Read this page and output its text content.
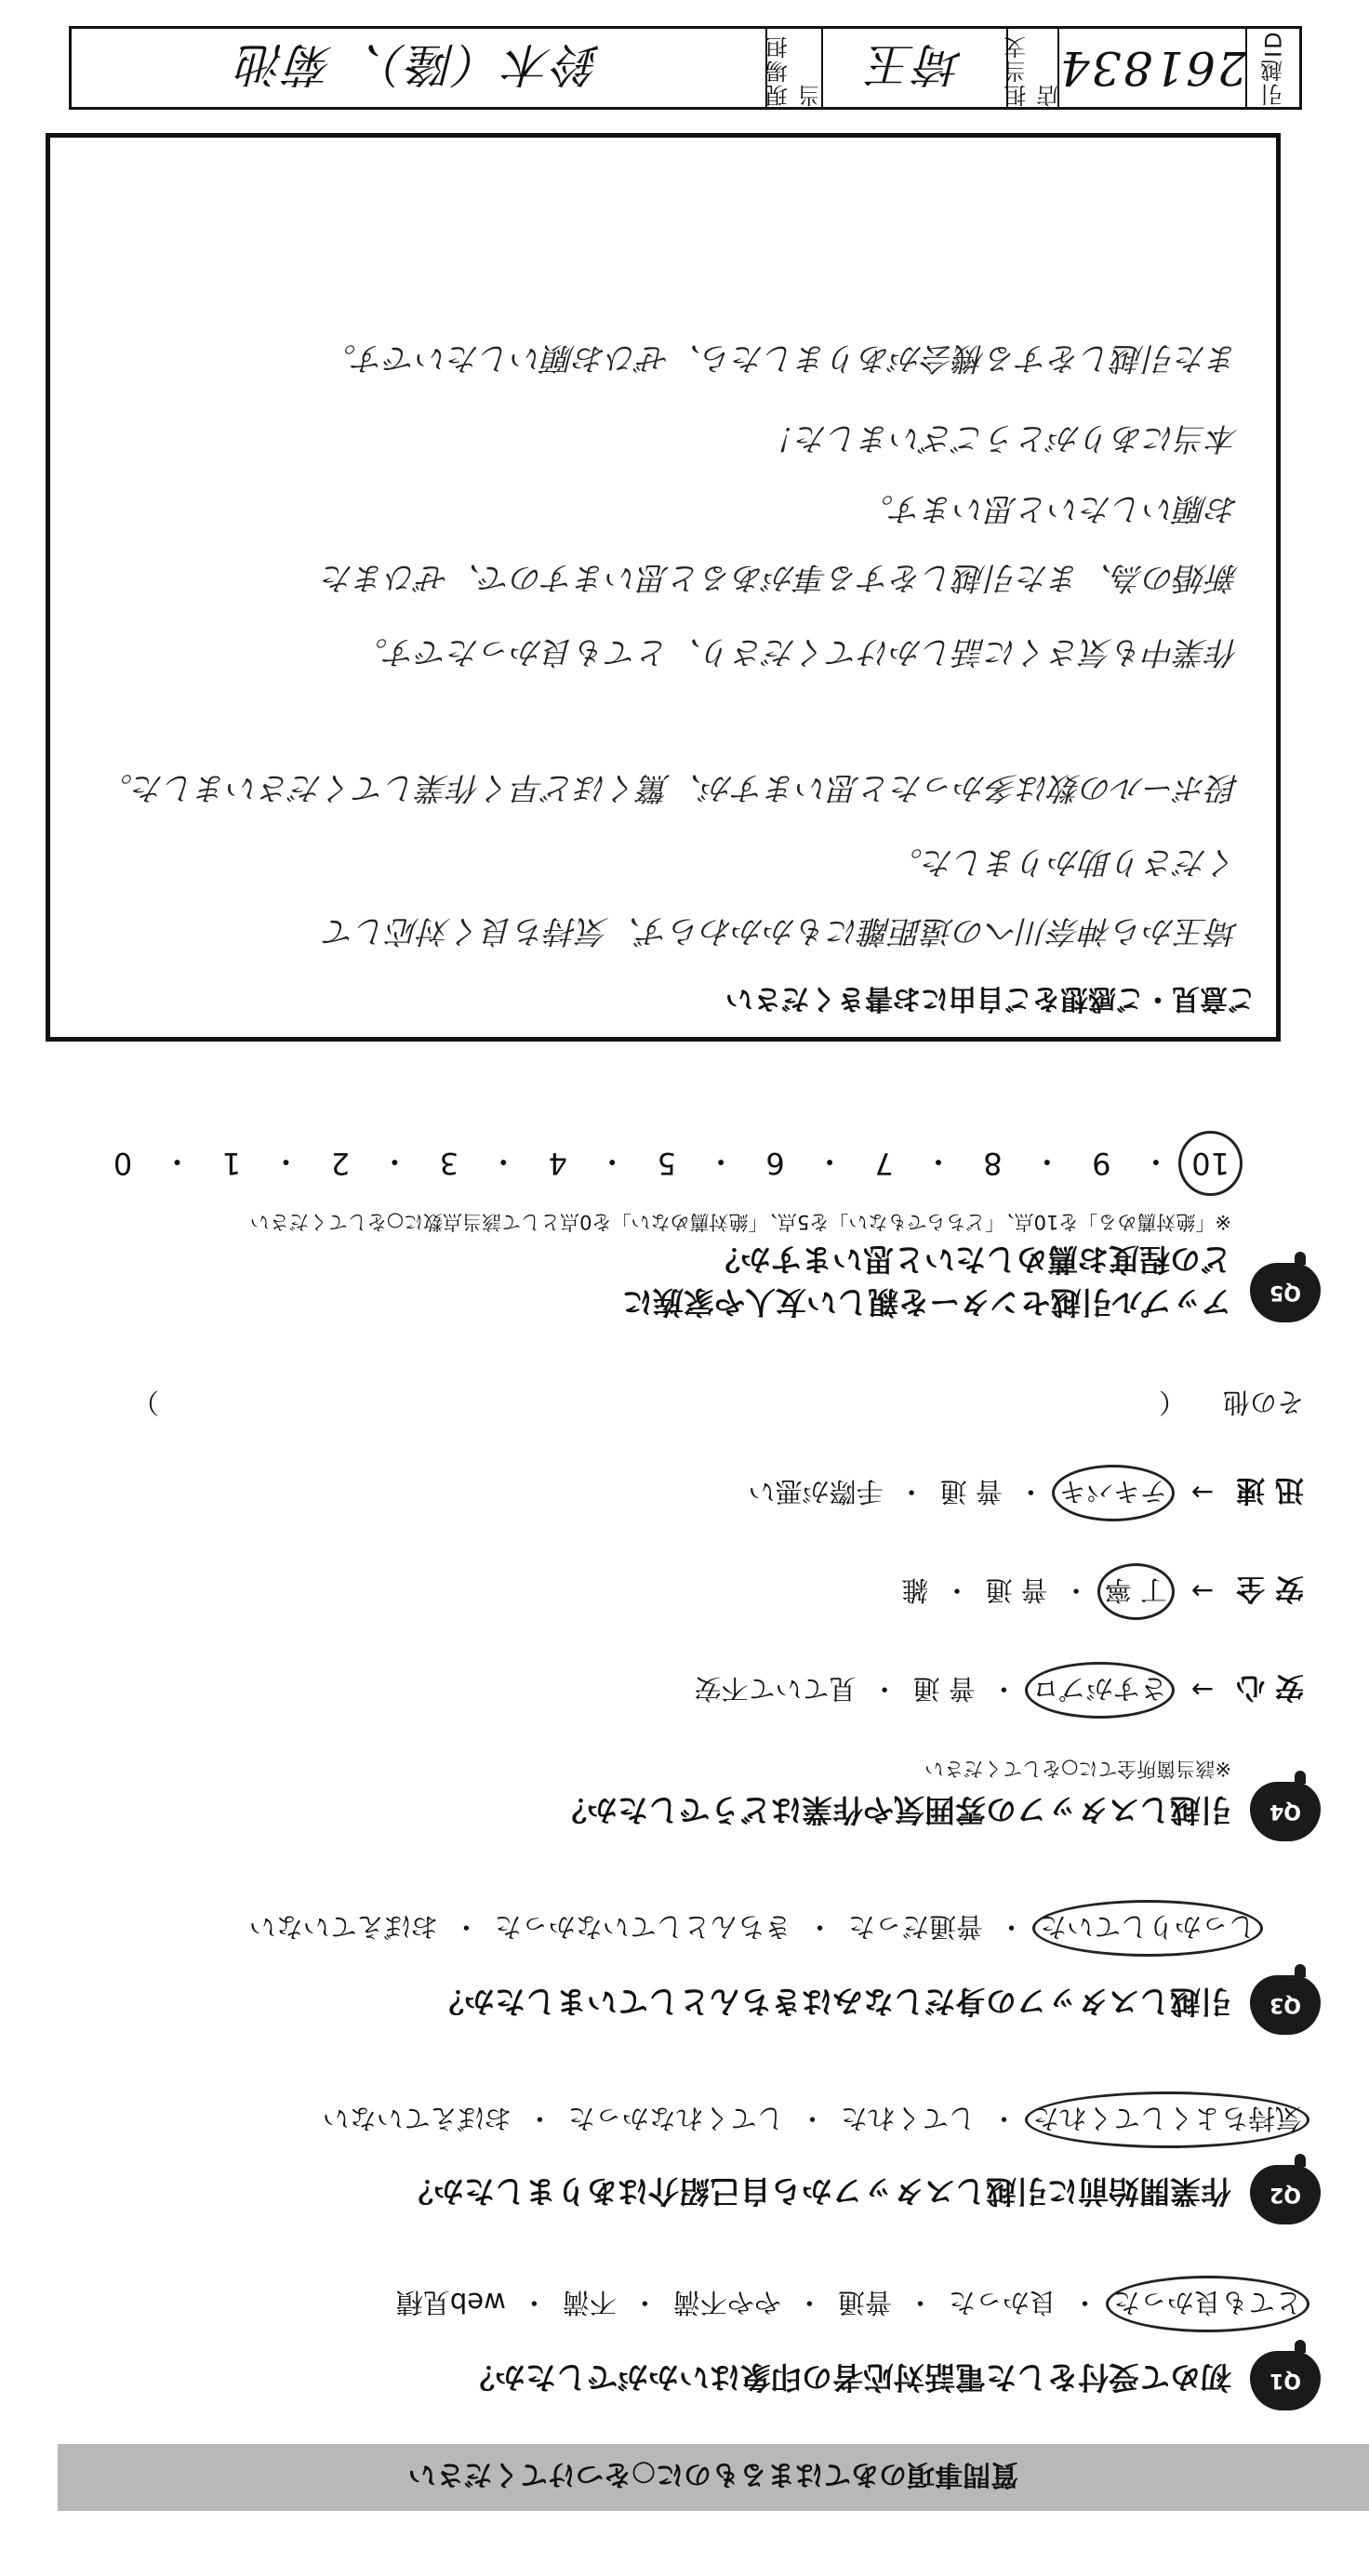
引越ID
261834
担当支店
埼玉
現場担当
鈴木（隆）、菊池
質問事項のあてはまるものに○をつけてください
Q1
初めて受付をした電話対応者の印象はいかがでしたか？
とても良かった
・
良かった
・
普通
・
やや不満
・
不満
・
web見積
Q2
作業開始前に引越しスタッフから自己紹介はありましたか？
気持ちよくしてくれた
・
してくれた
・
してくれなかった
・
おぼえていない
Q3
引越しスタッフの身だしなみはきちんとしていましたか？
しっかりしていた
・
普通だった
・
きちんとしていなかった
・
おぼえていない
Q4
引越しスタッフの雰囲気や作業はどうでしたか？
※該当箇所全てに○をしてください
安 心
→
さすがプロ
・
普 通
・
見ていて不安
安 全
→
丁 寧
・
普 通
・
雑
迅 速
→
テキパキ
・
普 通
・
手際が悪い
その他
（
）
Q5
アップル引越センターを親しい友人や家族に
どの程度お薦めしたいと思いますか？
※「絶対薦める」を10点、「どちらでもない」を5点、「絶対薦めない」を0点として該当点数に○をしてください
10
・
9
・
8
・
7
・
6
・
5
・
4
・
3
・
2
・
1
・
0
ご意見・ご感想をご自由にお書きください
埼玉から神奈川への遠距離にもかかわらず、気持ち良く対応して
くださり助かりました。
段ボールの数は多かったと思いますが、驚くほど早く作業してくださいました。
作業中も気さくに話しかけてくださり、とても良かったです。
新婚の為、また引越しをする事があると思いますので、ぜひまた
お願いしたいと思います。
本当にありがとうございました！
また引越しをする機会がありましたら、ぜひお願いしたいです。
